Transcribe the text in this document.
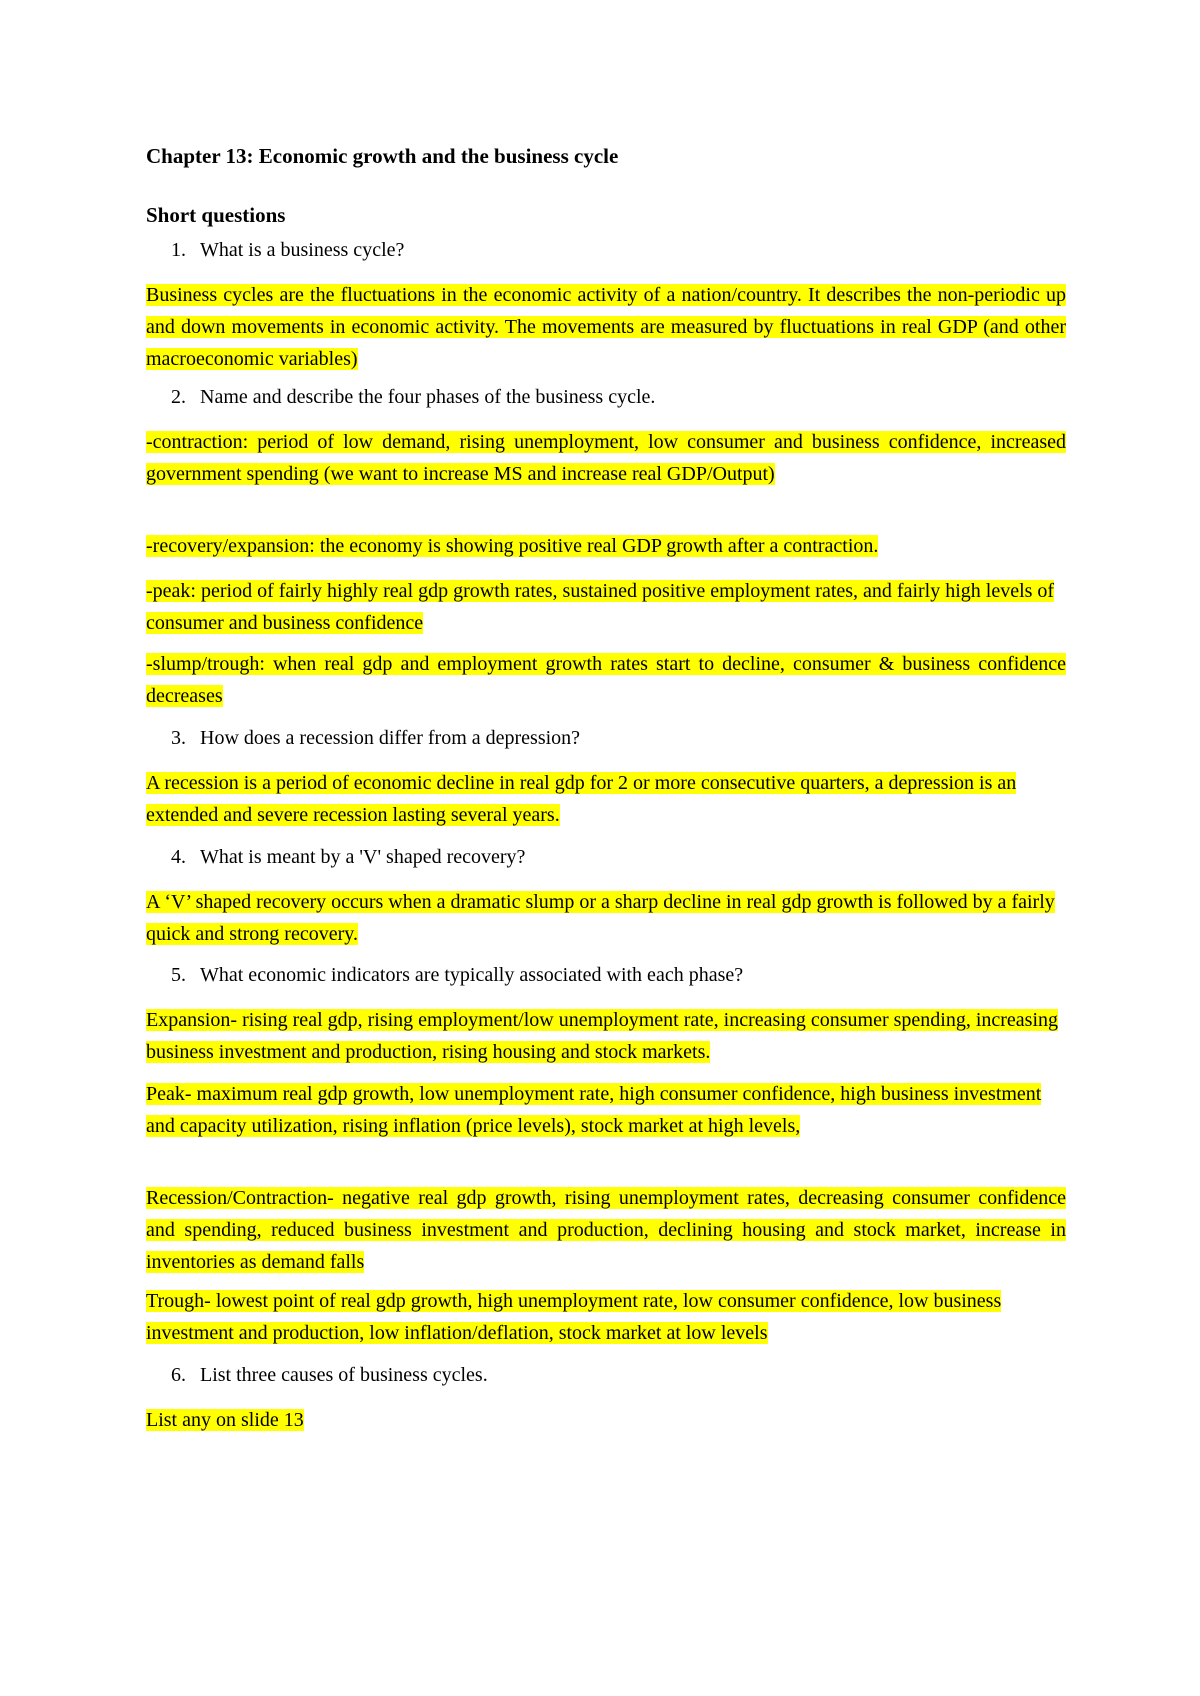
Chapter 13: Economic growth and the business cycle

Short questions

1. What is a business cycle?

Business cycles are the fluctuations in the economic activity of a nation/country. It describes the non-periodic up and down movements in economic activity. The movements are measured by fluctuations in real GDP (and other macroeconomic variables)

2. Name and describe the four phases of the business cycle.

-contraction: period of low demand, rising unemployment, low consumer and business confidence, increased government spending (we want to increase MS and increase real GDP/Output)

-recovery/expansion: the economy is showing positive real GDP growth after a contraction.

-peak: period of fairly highly real gdp growth rates, sustained positive employment rates, and fairly high levels of consumer and business confidence

-slump/trough: when real gdp and employment growth rates start to decline, consumer & business confidence decreases

3. How does a recession differ from a depression?

A recession is a period of economic decline in real gdp for 2 or more consecutive quarters, a depression is an extended and severe recession lasting several years.

4. What is meant by a 'V' shaped recovery?

A ‘V’ shaped recovery occurs when a dramatic slump or a sharp decline in real gdp growth is followed by a fairly quick and strong recovery.

5. What economic indicators are typically associated with each phase?

Expansion- rising real gdp, rising employment/low unemployment rate, increasing consumer spending, increasing business investment and production, rising housing and stock markets.

Peak- maximum real gdp growth, low unemployment rate, high consumer confidence, high business investment and capacity utilization, rising inflation (price levels), stock market at high levels,

Recession/Contraction- negative real gdp growth, rising unemployment rates, decreasing consumer confidence and spending, reduced business investment and production, declining housing and stock market, increase in inventories as demand falls

Trough- lowest point of real gdp growth, high unemployment rate, low consumer confidence, low business investment and production, low inflation/deflation, stock market at low levels

6. List three causes of business cycles.

List any on slide 13
